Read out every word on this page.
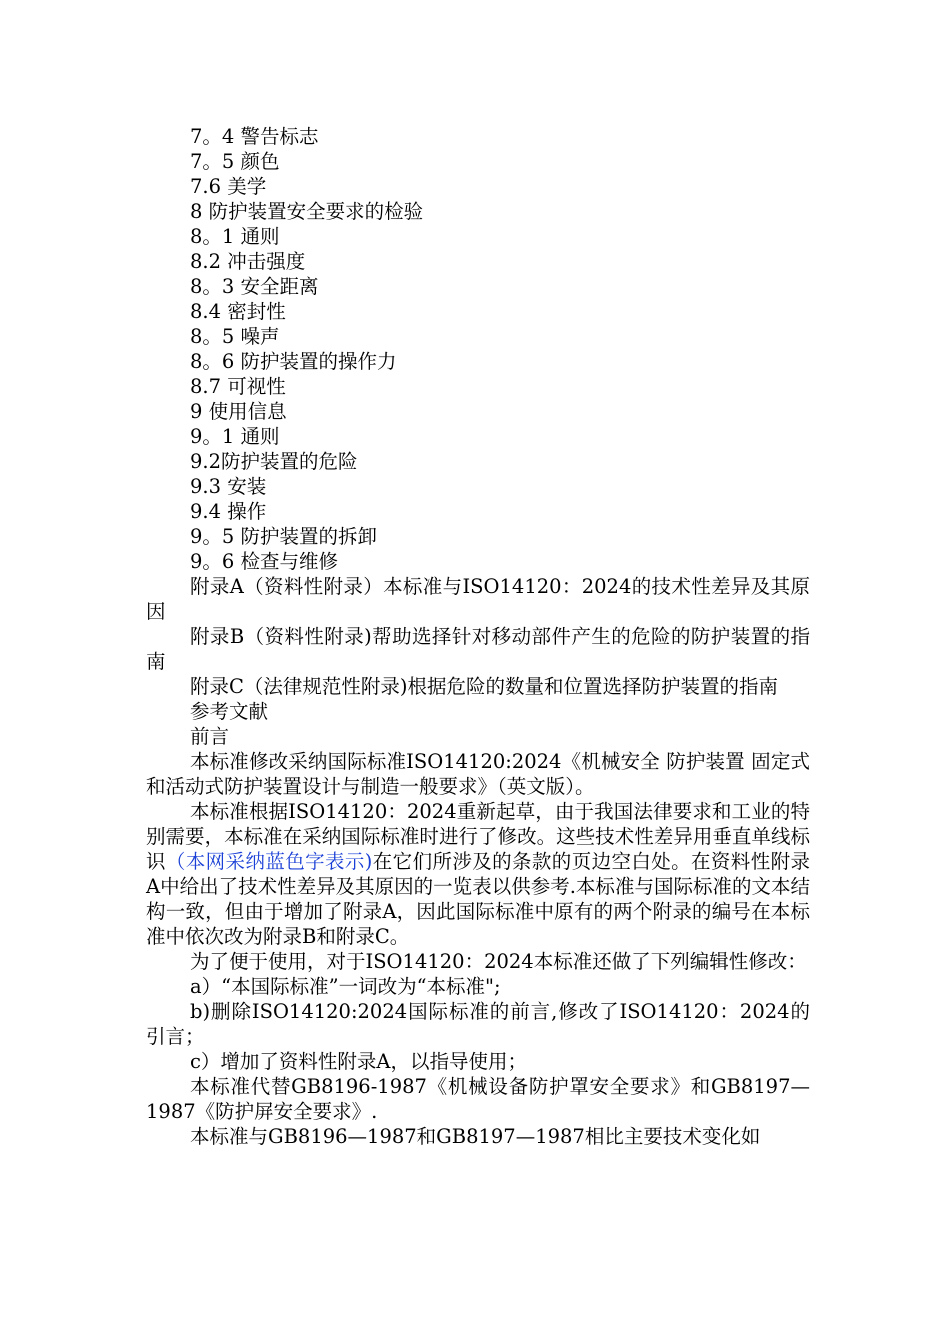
7。4 警告标志
7。5 颜色
7.6 美学
8 防护装置安全要求的检验
8。1 通则
8.2 冲击强度
8。3 安全距离
8.4 密封性
8。5 噪声
8。6 防护装置的操作力
8.7 可视性
9 使用信息
9。1 通则
9.2防护装置的危险
9.3 安装
9.4 操作
9。5 防护装置的拆卸
9。6 检查与维修
附录A（资料性附录）本标准与ISO14120：2024的技术性差异及其原因
附录B（资料性附录)帮助选择针对移动部件产生的危险的防护装置的指南
附录C（法律规范性附录)根据危险的数量和位置选择防护装置的指南
参考文献
前言
本标准修改采纳国际标准ISO14120:2024《机械安全 防护装置 固定式和活动式防护装置设计与制造一般要求》（英文版）。
本标准根据ISO14120：2024重新起草，由于我国法律要求和工业的特别需要，本标准在采纳国际标准时进行了修改。这些技术性差异用垂直单线标识（本网采纳蓝色字表示)在它们所涉及的条款的页边空白处。在资料性附录A中给出了技术性差异及其原因的一览表以供参考.本标准与国际标准的文本结构一致，但由于增加了附录A，因此国际标准中原有的两个附录的编号在本标准中依次改为附录B和附录C。
为了便于使用，对于ISO14120：2024本标准还做了下列编辑性修改：
a）“本国际标准”一词改为“本标准";
b)删除ISO14120:2024国际标准的前言,修改了ISO14120：2024的引言；
c）增加了资料性附录A，以指导使用；
本标准代替GB8196-1987《机械设备防护罩安全要求》和GB8197—1987《防护屏安全要求》.
本标准与GB8196—1987和GB8197—1987相比主要技术变化如
